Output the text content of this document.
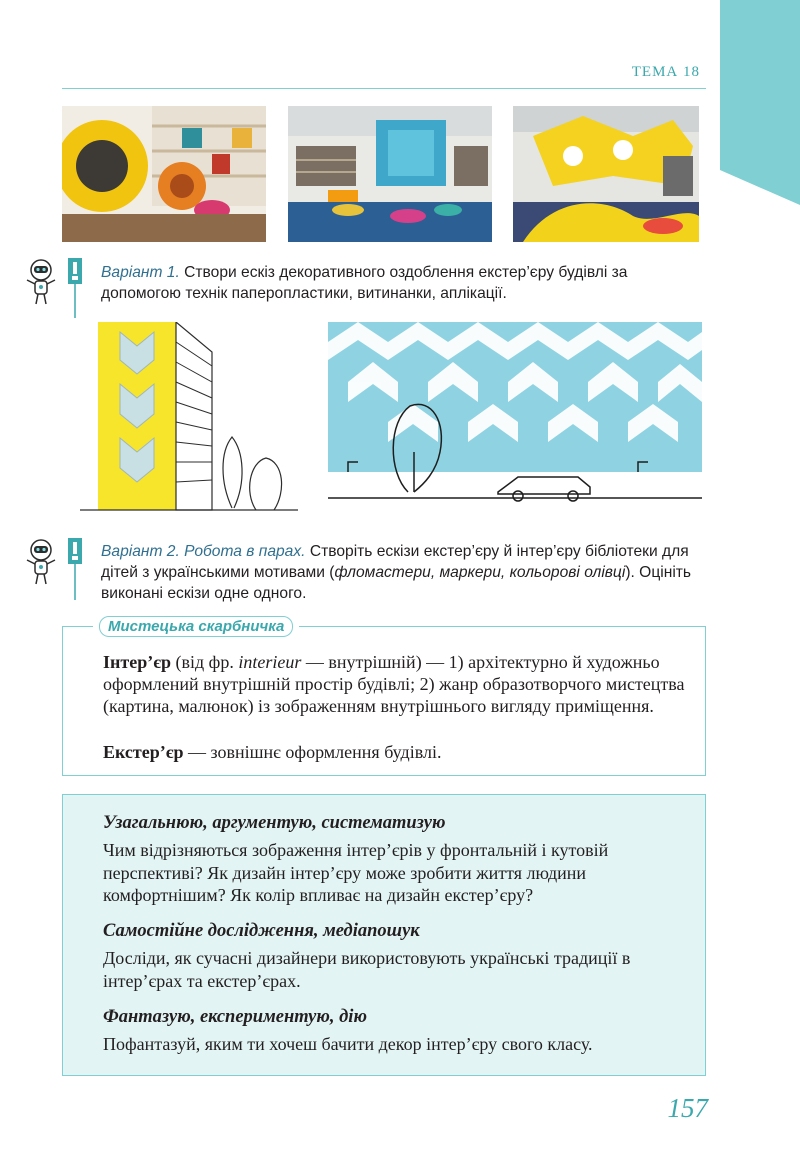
ТЕМА 18
Варіант 1. Створи ескіз декоративного оздоблення екстер’єру будівлі за допомогою технік папеpопластики, витинанки, аплікації.
Варіант 2. Робота в парах. Створіть ескізи екстер’єру й інтер’єру бібліотеки для дітей з українськими мотивами (фломастери, маркери, кольорові олівці). Оцініть виконані ескізи одне одного.
Мистецька скарбничка
Інтер’єр (від фр. interieur — внутрішній) — 1) архітектурно й художньо оформлений внутрішній простір будівлі; 2) жанр образотворчого мистецтва (картина, малюнок) із зображенням внутрішнього вигляду приміщення.
Екстер’єр — зовнішнє оформлення будівлі.
Узагальнюю, аргументую, систематизую
Чим відрізняються зображення інтер’єрів у фронтальній і кутовій перспективі? Як дизайн інтер’єру може зробити життя людини комфортнішим? Як колір впливає на дизайн екстер’єру?
Самостійне дослідження, медіапошук
Досліди, як сучасні дизайнери використовують українські традиції в інтер’єрах та екстер’єрах.
Фантазую, експериментую, дію
Пофантазуй, яким ти хочеш бачити декор інтер’єру свого класу.
157
